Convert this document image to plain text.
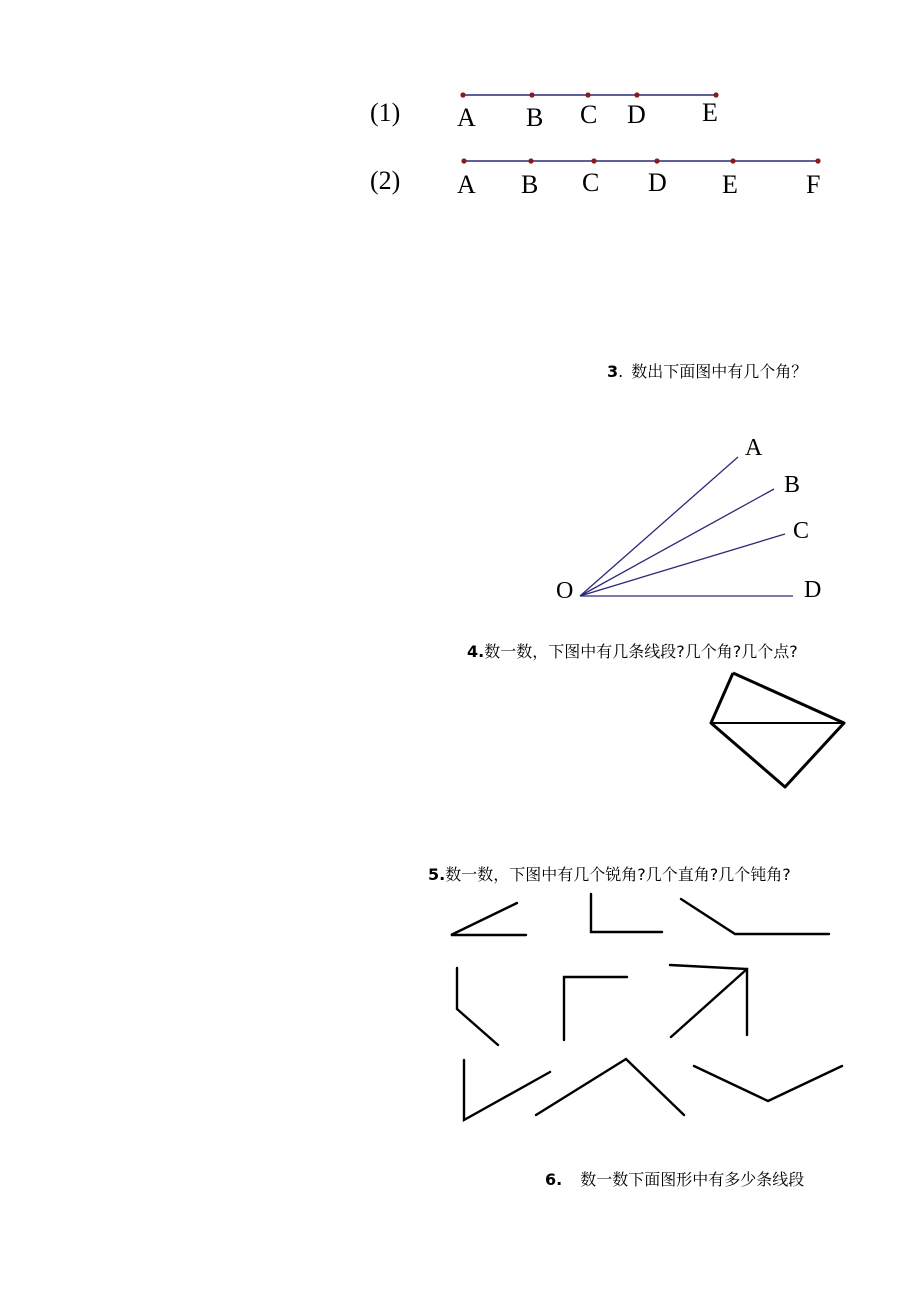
(1) A B C D E
(2) A B C D E	F
3. 数出下面图中有几个角？
O
A
B
C
D
4.数一数，下图中有几条线段?几个角?几个点?
5.数一数，下图中有几个锐角?几个直角?几个钝角?
6. 数一数下面图形中有多少条线段
